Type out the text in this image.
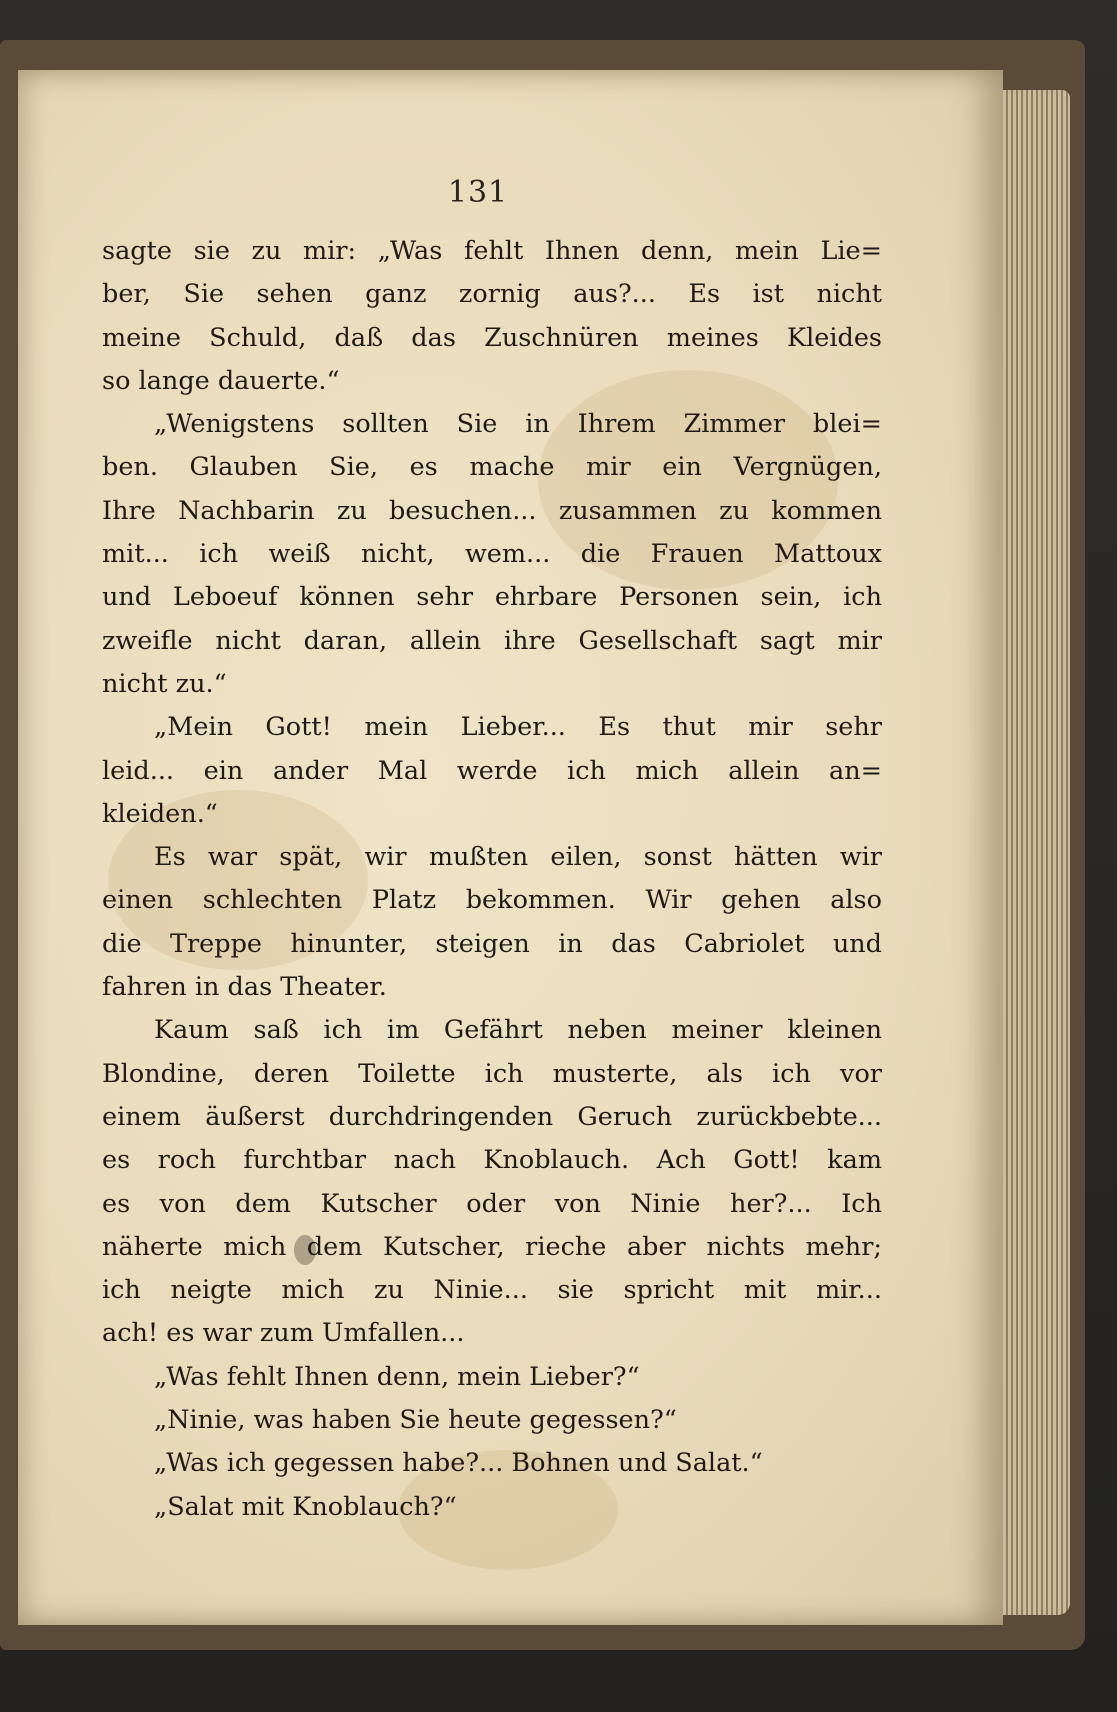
131

sagte sie zu mir: „Was fehlt Ihnen denn, mein Lie=
ber, Sie sehen ganz zornig aus?... Es ist nicht
meine Schuld, daß das Zuschnüren meines Kleides
so lange dauerte.“

„Wenigstens sollten Sie in Ihrem Zimmer blei=
ben. Glauben Sie, es mache mir ein Vergnügen,
Ihre Nachbarin zu besuchen... zusammen zu kommen
mit... ich weiß nicht, wem... die Frauen Mattoux
und Leboeuf können sehr ehrbare Personen sein, ich
zweifle nicht daran, allein ihre Gesellschaft sagt mir
nicht zu.“

„Mein Gott! mein Lieber... Es thut mir sehr
leid... ein ander Mal werde ich mich allein an=
kleiden.“

Es war spät, wir mußten eilen, sonst hätten wir
einen schlechten Platz bekommen. Wir gehen also
die Treppe hinunter, steigen in das Cabriolet und
fahren in das Theater.

Kaum saß ich im Gefährt neben meiner kleinen
Blondine, deren Toilette ich musterte, als ich vor
einem äußerst durchdringenden Geruch zurückbebte...
es roch furchtbar nach Knoblauch. Ach Gott! kam
es von dem Kutscher oder von Ninie her?... Ich
näherte mich dem Kutscher, rieche aber nichts mehr;
ich neigte mich zu Ninie... sie spricht mit mir...
ach! es war zum Umfallen...

„Was fehlt Ihnen denn, mein Lieber?“
„Ninie, was haben Sie heute gegessen?“
„Was ich gegessen habe?... Bohnen und Salat.“
„Salat mit Knoblauch?“
